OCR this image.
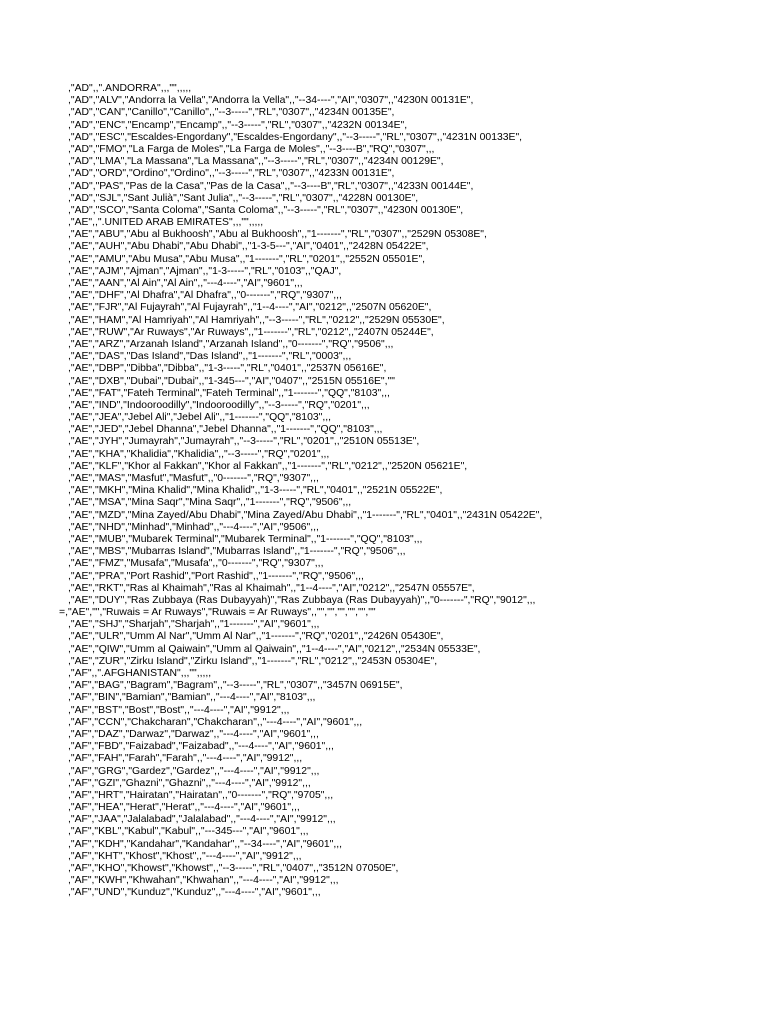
,"AD",,".ANDORRA",,,"",,,,,
,"AD","ALV","Andorra la Vella","Andorra la Vella",,"--34----","AI","0307",,"4230N 00131E",
,"AD","CAN","Canillo","Canillo",,"--3-----","RL","0307",,"4234N 00135E",
,"AD","ENC","Encamp","Encamp",,"--3-----","RL","0307",,"4232N 00134E",
,"AD","ESC","Escaldes-Engordany","Escaldes-Engordany",,"--3-----","RL","0307",,"4231N 00133E",
,"AD","FMO","La Farga de Moles","La Farga de Moles",,"--3----B","RQ","0307",,,
,"AD","LMA","La Massana","La Massana",,"--3-----","RL","0307",,"4234N 00129E",
,"AD","ORD","Ordino","Ordino",,"--3-----","RL","0307",,"4233N 00131E",
,"AD","PAS","Pas de la Casa","Pas de la Casa",,"--3----B","RL","0307",,"4233N 00144E",
,"AD","SJL","Sant Julià","Sant Julia",,"--3-----","RL","0307",,"4228N 00130E",
,"AD","SCO","Santa Coloma","Santa Coloma",,"--3-----","RL","0307",,"4230N 00130E",
,"AE",,".UNITED ARAB EMIRATES",,,"",,,,,
,"AE","ABU","Abu al Bukhoosh","Abu al Bukhoosh",,"1-------","RL","0307",,"2529N 05308E",
,"AE","AUH","Abu Dhabi","Abu Dhabi",,"1-3-5---","AI","0401",,"2428N 05422E",
,"AE","AMU","Abu Musa","Abu Musa",,"1-------","RL","0201",,"2552N 05501E",
,"AE","AJM","Ajman","Ajman",,"1-3-----","RL","0103",,"QAJ",
,"AE","AAN","Al Ain","Al Ain",,"---4----","AI","9601",,,
,"AE","DHF","Al Dhafra","Al Dhafra",,"0-------","RQ","9307",,,
,"AE","FJR","Al Fujayrah","Al Fujayrah",,"1--4----","AI","0212",,"2507N 05620E",
,"AE","HAM","Al Hamriyah","Al Hamriyah",,"--3-----","RL","0212",,"2529N 05530E",
,"AE","RUW","Ar Ruways","Ar Ruways",,"1-------","RL","0212",,"2407N 05244E",
,"AE","ARZ","Arzanah Island","Arzanah Island",,"0-------","RQ","9506",,,
,"AE","DAS","Das Island","Das Island",,"1-------","RL","0003",,,
,"AE","DBP","Dibba","Dibba",,"1-3-----","RL","0401",,"2537N 05616E",
,"AE","DXB","Dubai","Dubai",,"1-345---","AI","0407",,"2515N 05516E",""
,"AE","FAT","Fateh Terminal","Fateh Terminal",,"1-------","QQ","8103",,,
,"AE","IND","Indooroodilly","Indooroodilly",,"--3-----","RQ","0201",,,
,"AE","JEA","Jebel Ali","Jebel Ali",,"1-------","QQ","8103",,,
,"AE","JED","Jebel Dhanna","Jebel Dhanna",,"1-------","QQ","8103",,,
,"AE","JYH","Jumayrah","Jumayrah",,"--3-----","RL","0201",,"2510N 05513E",
,"AE","KHA","Khalidia","Khalidia",,"--3-----","RQ","0201",,,
,"AE","KLF","Khor al Fakkan","Khor al Fakkan",,"1-------","RL","0212",,"2520N 05621E",
,"AE","MAS","Masfut","Masfut",,"0-------","RQ","9307",,,
,"AE","MKH","Mina Khalid","Mina Khalid",,"1-3-----","RL","0401",,"2521N 05522E",
,"AE","MSA","Mina Saqr","Mina Saqr",,"1-------","RQ","9506",,,
,"AE","MZD","Mina Zayed/Abu Dhabi","Mina Zayed/Abu Dhabi",,"1-------","RL","0401",,"2431N 05422E",
,"AE","NHD","Minhad","Minhad",,"---4----","AI","9506",,,
,"AE","MUB","Mubarek Terminal","Mubarek Terminal",,"1-------","QQ","8103",,,
,"AE","MBS","Mubarras Island","Mubarras Island",,"1-------","RQ","9506",,,
,"AE","FMZ","Musafa","Musafa",,"0-------","RQ","9307",,,
,"AE","PRA","Port Rashid","Port Rashid",,"1-------","RQ","9506",,,
,"AE","RKT","Ras al Khaimah","Ras al Khaimah",,"1--4----","AI","0212",,"2547N 05557E",
,"AE","DUY","Ras Zubbaya (Ras Dubayyah)","Ras Zubbaya (Ras Dubayyah)",,"0-------","RQ","9012",,,
=,"AE","","Ruwais = Ar Ruways","Ruwais = Ar Ruways",,"","","","","",""
,"AE","SHJ","Sharjah","Sharjah",,"1-------","AI","9601",,,
,"AE","ULR","Umm Al Nar","Umm Al Nar",,"1-------","RQ","0201",,"2426N 05430E",
,"AE","QIW","Umm al Qaiwain","Umm al Qaiwain",,"1--4----","AI","0212",,"2534N 05533E",
,"AE","ZUR","Zirku Island","Zirku Island",,"1-------","RL","0212",,"2453N 05304E",
,"AF",,".AFGHANISTAN",,,"",,,,,
,"AF","BAG","Bagram","Bagram",,"--3-----","RL","0307",,"3457N 06915E",
,"AF","BIN","Bamian","Bamian",,"---4----","AI","8103",,,
,"AF","BST","Bost","Bost",,"---4----","AI","9912",,,
,"AF","CCN","Chakcharan","Chakcharan",,"---4----","AI","9601",,,
,"AF","DAZ","Darwaz","Darwaz",,"---4----","AI","9601",,,
,"AF","FBD","Faizabad","Faizabad",,"---4----","AI","9601",,,
,"AF","FAH","Farah","Farah",,"---4----","AI","9912",,,
,"AF","GRG","Gardez","Gardez",,"---4----","AI","9912",,,
,"AF","GZI","Ghazni","Ghazni",,"---4----","AI","9912",,,
,"AF","HRT","Hairatan","Hairatan",,"0-------","RQ","9705",,,
,"AF","HEA","Herat","Herat",,"---4----","AI","9601",,,
,"AF","JAA","Jalalabad","Jalalabad",,"---4----","AI","9912",,,
,"AF","KBL","Kabul","Kabul",,"---345---","AI","9601",,,
,"AF","KDH","Kandahar","Kandahar",,"--34----","AI","9601",,,
,"AF","KHT","Khost","Khost",,"---4----","AI","9912",,,
,"AF","KHO","Khowst","Khowst",,"--3-----","RL","0407",,"3512N 07050E",
,"AF","KWH","Khwahan","Khwahan",,"---4----","AI","9912",,,
,"AF","UND","Kunduz","Kunduz",,"---4----","AI","9601",,,
